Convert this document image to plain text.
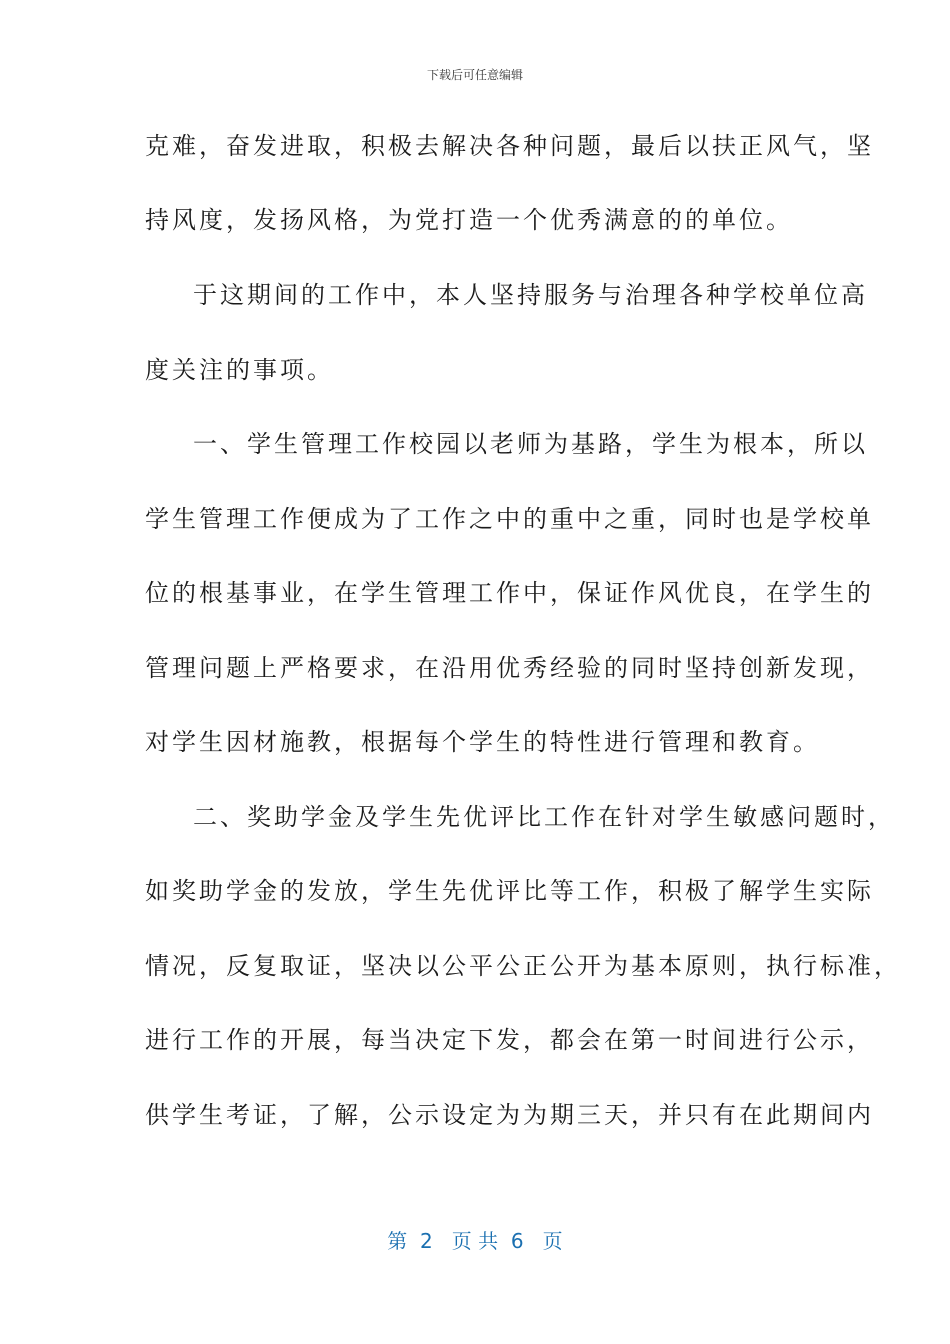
下载后可任意编辑
克难，奋发进取，积极去解决各种问题，最后以扶正风气，坚
持风度，发扬风格，为党打造一个优秀满意的的单位。
于这期间的工作中，本人坚持服务与治理各种学校单位高
度关注的事项。
一、学生管理工作校园以老师为基路，学生为根本，所以
学生管理工作便成为了工作之中的重中之重，同时也是学校单
位的根基事业，在学生管理工作中，保证作风优良，在学生的
管理问题上严格要求，在沿用优秀经验的同时坚持创新发现，
对学生因材施教，根据每个学生的特性进行管理和教育。
二、奖助学金及学生先优评比工作在针对学生敏感问题时，
如奖助学金的发放，学生先优评比等工作，积极了解学生实际
情况，反复取证，坚决以公平公正公开为基本原则，执行标准，
进行工作的开展，每当决定下发，都会在第一时间进行公示，
供学生考证，了解，公示设定为为期三天，并只有在此期间内
第  2   页 共  6   页
